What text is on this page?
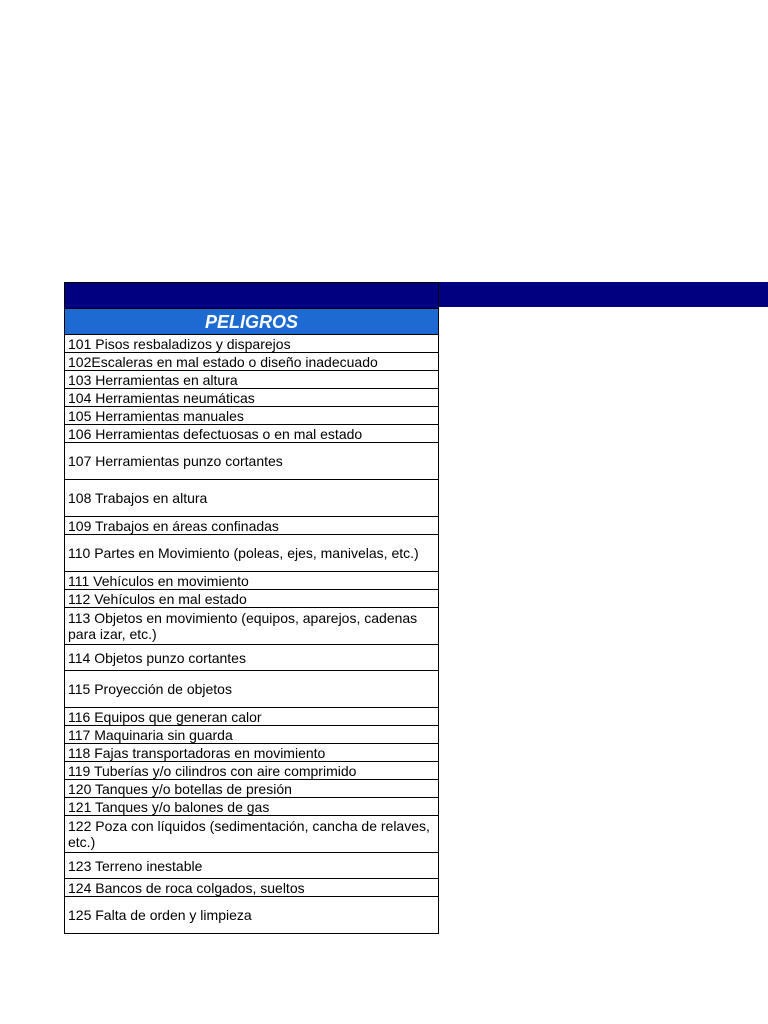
PELIGROS
101 Pisos resbaladizos y disparejos
102Escaleras en mal estado o diseño inadecuado
103 Herramientas en altura
104 Herramientas neumáticas
105 Herramientas manuales
106 Herramientas defectuosas o en mal estado
107 Herramientas punzo cortantes
108 Trabajos en altura
109 Trabajos en áreas confinadas
110 Partes en Movimiento (poleas, ejes, manivelas, etc.)
111 Vehículos en movimiento
112 Vehículos en mal estado
113 Objetos en movimiento (equipos, aparejos, cadenas para izar, etc.)
114 Objetos punzo cortantes
115 Proyección de objetos
116 Equipos que generan calor
117 Maquinaria sin guarda
118 Fajas transportadoras en movimiento
119 Tuberías y/o cilindros con aire comprimido
120 Tanques y/o botellas de presión
121 Tanques y/o balones de gas
122 Poza con líquidos (sedimentación, cancha de relaves, etc.)
123 Terreno inestable
124 Bancos de roca colgados, sueltos
125 Falta de orden y limpieza
